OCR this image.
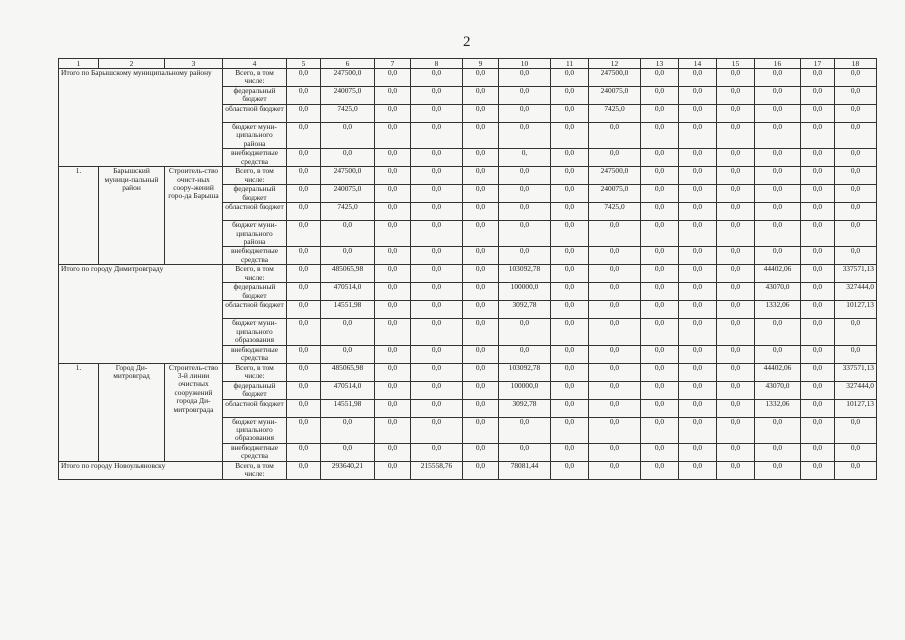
2
1	2	3	4	5	6	7	8	9	10	11	12	13	14	15	16	17	18
Итого по Барышскому муниципальному району			Всего, в том числе:	0,0	247500,0	0,0	0,0	0,0	0,0	0,0	247500,0	0,0	0,0	0,0	0,0	0,0	0,0
			федеральный бюджет	0,0	240075,0	0,0	0,0	0,0	0,0	0,0	240075,0	0,0	0,0	0,0	0,0	0,0	0,0
			областной бюджет	0,0	7425,0	0,0	0,0	0,0	0,0	0,0	7425,0	0,0	0,0	0,0	0,0	0,0	0,0
			бюджет муни-ципального района	0,0	0,0	0,0	0,0	0,0	0,0	0,0	0,0	0,0	0,0	0,0	0,0	0,0	0,0
			внебюджетные средства	0,0	0,0	0,0	0,0	0,0	0,	0,0	0,0	0,0	0,0	0,0	0,0	0,0	0,0
1.	Барышский муници-пальный район	Строитель-ство очист-ных соору-жений горо-да Барыша	Всего, в том числе:	0,0	247500,0	0,0	0,0	0,0	0,0	0,0	247500,0	0,0	0,0	0,0	0,0	0,0	0,0
			федеральный бюджет	0,0	240075,0	0,0	0,0	0,0	0,0	0,0	240075,0	0,0	0,0	0,0	0,0	0,0	0,0
			областной бюджет	0,0	7425,0	0,0	0,0	0,0	0,0	0,0	7425,0	0,0	0,0	0,0	0,0	0,0	0,0
			бюджет муни-ципального района	0,0	0,0	0,0	0,0	0,0	0,0	0,0	0,0	0,0	0,0	0,0	0,0	0,0	0,0
			внебюджетные средства	0,0	0,0	0,0	0,0	0,0	0,0	0,0	0,0	0,0	0,0	0,0	0,0	0,0	0,0
Итого по городу Димитровграду			Всего, в том числе:	0,0	485065,98	0,0	0,0	0,0	103092,78	0,0	0,0	0,0	0,0	0,0	44402,06	0,0	337571,13
			федеральный бюджет	0,0	470514,0	0,0	0,0	0,0	100000,0	0,0	0,0	0,0	0,0	0,0	43070,0	0,0	327444,0
			областной бюджет	0,0	14551,98	0,0	0,0	0,0	3092,78	0,0	0,0	0,0	0,0	0,0	1332,06	0,0	10127,13
			бюджет муни-ципального образования	0,0	0,0	0,0	0,0	0,0	0,0	0,0	0,0	0,0	0,0	0,0	0,0	0,0	0,0
			внебюджетные средства	0,0	0,0	0,0	0,0	0,0	0,0	0,0	0,0	0,0	0,0	0,0	0,0	0,0	0,0
1.	Город Ди-митровград	Строитель-ство 3-й линии очистных сооружений города Ди-митровграда	Всего, в том числе:	0,0	485065,98	0,0	0,0	0,0	103092,78	0,0	0,0	0,0	0,0	0,0	44402,06	0,0	337571,13
			федеральный бюджет	0,0	470514,0	0,0	0,0	0,0	100000,0	0,0	0,0	0,0	0,0	0,0	43070,0	0,0	327444,0
			областной бюджет	0,0	14551,98	0,0	0,0	0,0	3092,78	0,0	0,0	0,0	0,0	0,0	1332,06	0,0	10127,13
			бюджет муни-ципального образования	0,0	0,0	0,0	0,0	0,0	0,0	0,0	0,0	0,0	0,0	0,0	0,0	0,0	0,0
			внебюджетные средства	0,0	0,0	0,0	0,0	0,0	0,0	0,0	0,0	0,0	0,0	0,0	0,0	0,0	0,0
Итого по городу Новоульяновску			Всего, в том числе:	0,0	293640,21	0,0	215558,76	0,0	78081,44	0,0	0,0	0,0	0,0	0,0	0,0	0,0	0,0
